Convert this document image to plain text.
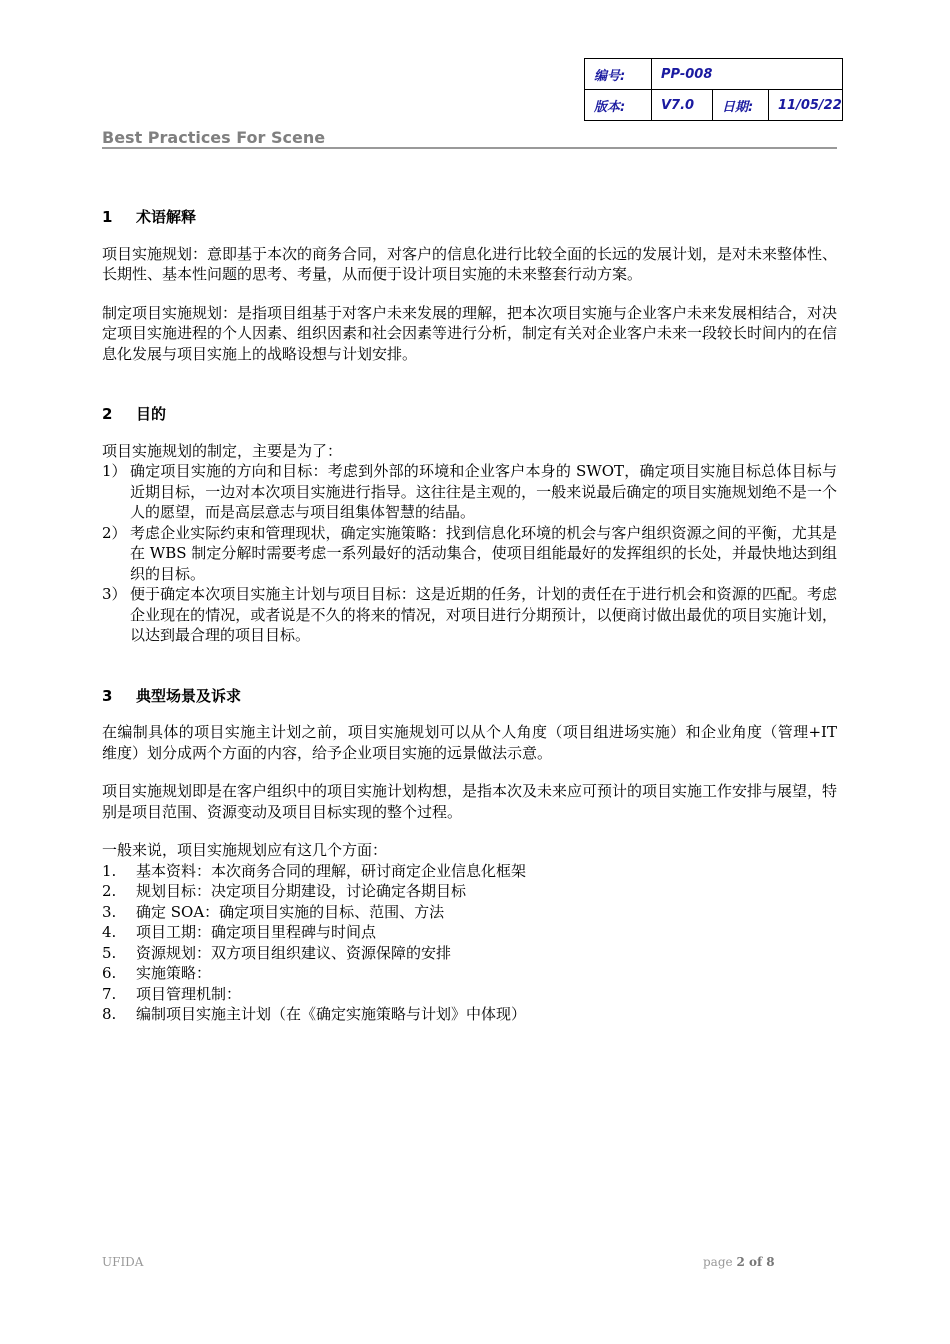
编号:	PP-008		
版本:	V7.0	日期:	11/05/22
Best Practices For Scene
1 术语解释

项目实施规划：意即基于本次的商务合同，对客户的信息化进行比较全面的长远的发展计划，是对未来整体性、长期性、基本性问题的思考、考量，从而便于设计项目实施的未来整套行动方案。

制定项目实施规划：是指项目组基于对客户未来发展的理解，把本次项目实施与企业客户未来发展相结合，对决定项目实施进程的个人因素、组织因素和社会因素等进行分析，制定有关对企业客户未来一段较长时间内的在信息化发展与项目实施上的战略设想与计划安排。

2 目的

项目实施规划的制定，主要是为了：

1） 确定项目实施的方向和目标：考虑到外部的环境和企业客户本身的 SWOT，确定项目实施目标总体目标与近期目标，一边对本次项目实施进行指导。这往往是主观的，一般来说最后确定的项目实施规划绝不是一个人的愿望，而是高层意志与项目组集体智慧的结晶。
2） 考虑企业实际约束和管理现状，确定实施策略：找到信息化环境的机会与客户组织资源之间的平衡，尤其是在 WBS 制定分解时需要考虑一系列最好的活动集合，使项目组能最好的发挥组织的长处，并最快地达到组织的目标。
3） 便于确定本次项目实施主计划与项目目标：这是近期的任务，计划的责任在于进行机会和资源的匹配。考虑企业现在的情况，或者说是不久的将来的情况，对项目进行分期预计，以便商讨做出最优的项目实施计划，以达到最合理的项目目标。
3 典型场景及诉求

在编制具体的项目实施主计划之前，项目实施规划可以从个人角度（项目组进场实施）和企业角度（管理+IT 维度）划分成两个方面的内容，给予企业项目实施的远景做法示意。

项目实施规划即是在客户组织中的项目实施计划构想，是指本次及未来应可预计的项目实施工作安排与展望，特别是项目范围、资源变动及项目目标实现的整个过程。

一般来说，项目实施规划应有这几个方面：

1. 基本资料：本次商务合同的理解，研讨商定企业信息化框架
2. 规划目标：决定项目分期建设，讨论确定各期目标
3. 确定 SOA：确定项目实施的目标、范围、方法
4. 项目工期：确定项目里程碑与时间点
5. 资源规划：双方项目组织建议、资源保障的安排
6. 实施策略：
7. 项目管理机制：
8. 编制项目实施主计划（在《确定实施策略与计划》中体现）
UFIDA	page 2 of 8
